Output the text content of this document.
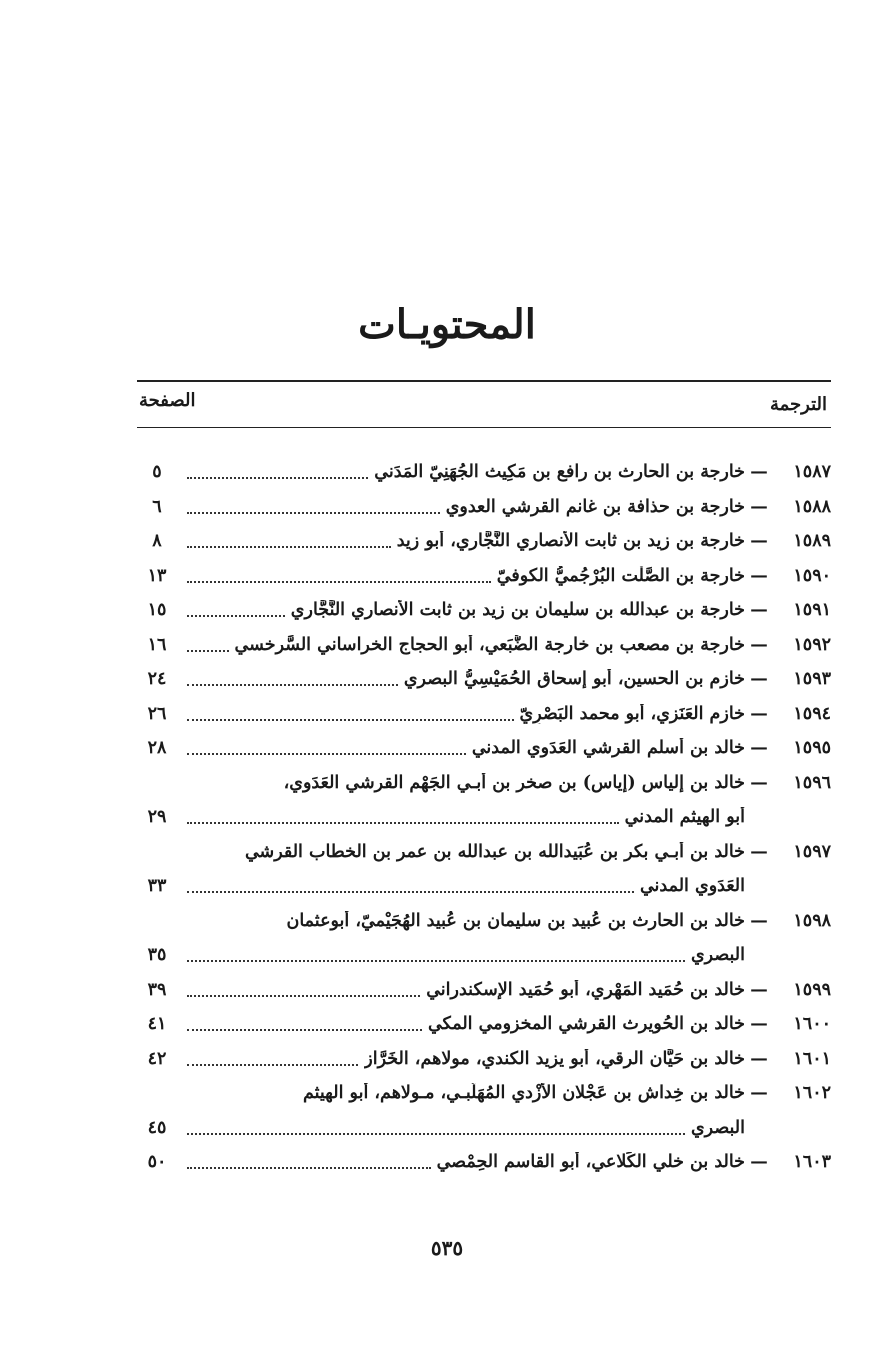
المحتويـات
الترجمة
الصفحة
١٥٨٧
—
خارجة بن الحارث بن رافع بن مَكِيث الجُهَنِيّ المَدَني
٥
١٥٨٨
—
خارجة بن حذافة بن غانم القرشي العدوي
٦
١٥٨٩
—
خارجة بن زيد بن ثابت الأنصاري النَّجَّاري، أبو زيد
٨
١٥٩٠
—
خارجة بن الصَّلْت البُرْجُميُّ الكوفيّ
١٣
١٥٩١
—
خارجة بن عبدالله بن سليمان بن زيد بن ثابت الأنصاري النَّجَّاري
١٥
١٥٩٢
—
خارجة بن مصعب بن خارجة الضُّبَعي، أبو الحجاج الخراساني السَّرخسي
١٦
١٥٩٣
—
خازم بن الحسين، أبو إسحاق الحُمَيْسِيُّ البصري
٢٤
١٥٩٤
—
خازم العَنَزي، أبو محمد البَصْرِيّ
٢٦
١٥٩٥
—
خالد بن أسلم القرشي العَدَوي المدني
٢٨
١٥٩٦
—
خالد بن إلياس (إياس) بن صخر بن أبـي الجَهْم القرشي العَدَوي،
أبو الهيثم المدني
٢٩
١٥٩٧
—
خالد بن أبـي بكر بن عُبَيدالله بن عبدالله بن عمر بن الخطاب القرشي
العَدَوي المدني
٣٣
١٥٩٨
—
خالد بن الحارث بن عُبيد بن سليمان بن عُبيد الهُجَيْميّ، أبوعثمان
البصري
٣٥
١٥٩٩
—
خالد بن حُمَيد المَهْري، أبو حُمَيد الإسكندراني
٣٩
١٦٠٠
—
خالد بن الحُويرث القرشي المخزومي المكي
٤١
١٦٠١
—
خالد بن حَيَّان الرقي، أبو يزيد الكندي، مولاهم، الخَرَّاز
٤٢
١٦٠٢
—
خالد بن خِداش بن عَجْلان الأَزْدي المُهَلَّبـي، مـولاهم، أبو الهيثم
البصري
٤٥
١٦٠٣
—
خالد بن خلي الكَلاعي، أبو القاسم الحِمْصي
٥٠
٥٣٥
